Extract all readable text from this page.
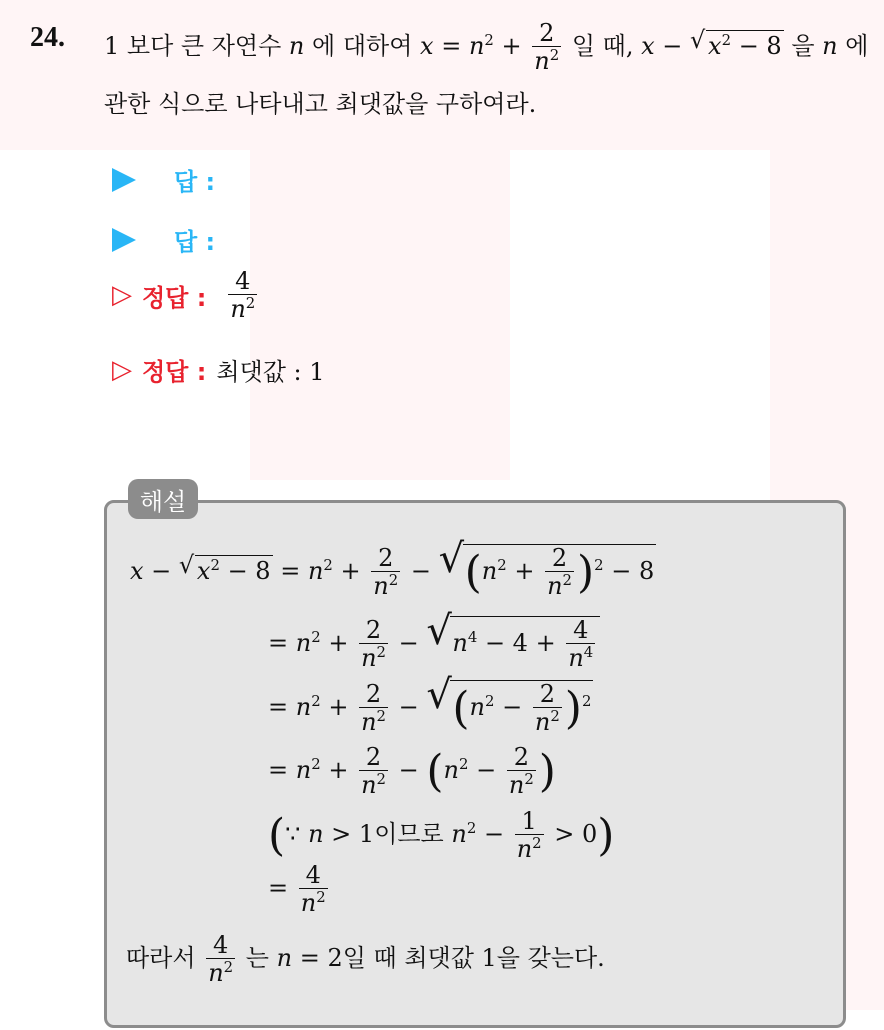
24. 1 보다 큰 자연수 n 에 대하여 $x = n^2 + \frac{2}{n^2}$ 일 때, x − √ $x^2 - 8$ 을 n 에
관한 식으로 나타내고 최댓값을 구하여라.
답 :
답 :
▷ 정답 : $\frac{4}{n^2}$
▷ 정답 : 최댓값 : 1
해설
x − √ $x^2 - 8 = n^2 + \frac{2}{n^2}$ − √ $(n^2 + \frac{2}{n^2} )^2 - 8$
= $n^2 + \frac{2}{n^2}$ − √ $n^4 - 4 + \frac{4}{n^4}$
= $n^2 + \frac{2}{n^2}$ − √ $(n^2 - \frac{2}{n^2} )^2$
= $n^2 + \frac{2}{n^2} - (n^2 - \frac{2}{n^2}$ )
(∵ n > 1이므로 $n^2 - \frac{1}{n^2} > 0$)
= $\frac{4}{n^2}$
따라서 $\frac{4}{n^2}$ 는 n = 2일 때 최댓값 1을 갖는다.
